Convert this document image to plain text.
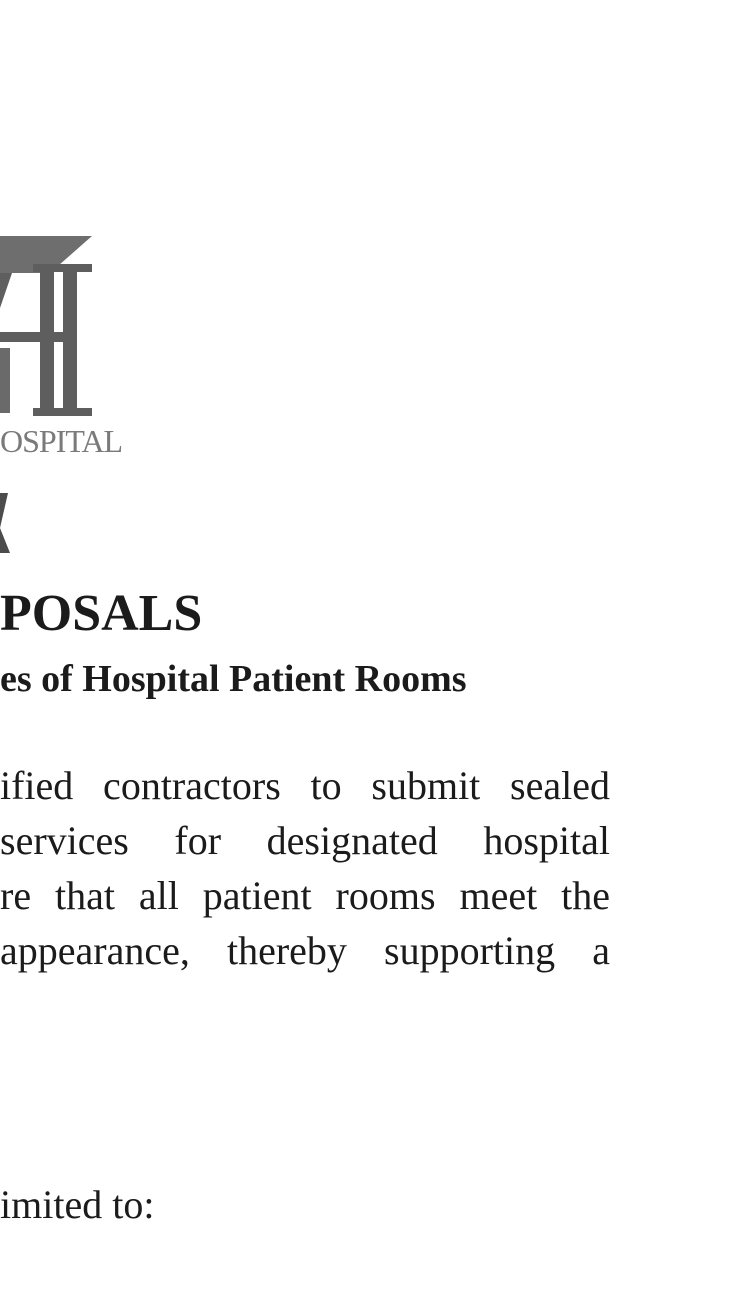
OSPITAL
POSALS
es of Hospital Patient Rooms
ified contractors to submit sealed
services for designated hospital
re that all patient rooms meet the
appearance, thereby supporting a
imited to:
